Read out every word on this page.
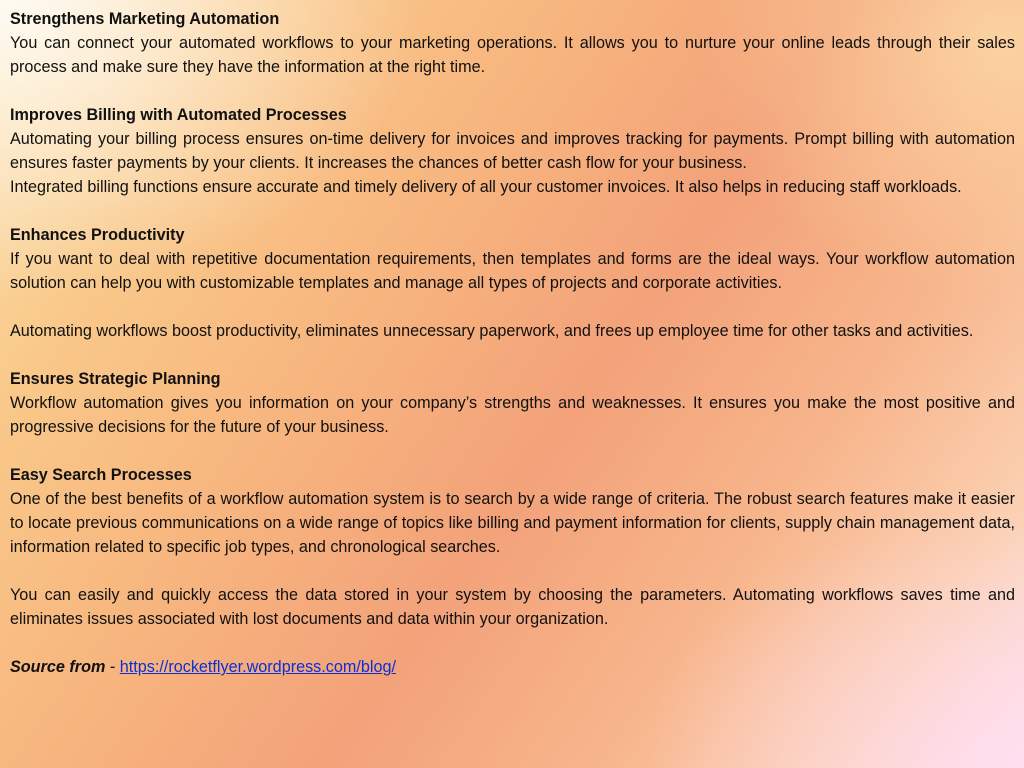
Strengthens Marketing Automation

You can connect your automated workflows to your marketing operations. It allows you to nurture your online leads through their sales process and make sure they have the information at the right time.

Improves Billing with Automated Processes

Automating your billing process ensures on-time delivery for invoices and improves tracking for payments. Prompt billing with automation ensures faster payments by your clients. It increases the chances of better cash flow for your business.

Integrated billing functions ensure accurate and timely delivery of all your customer invoices. It also helps in reducing staff workloads.

Enhances Productivity

If you want to deal with repetitive documentation requirements, then templates and forms are the ideal ways. Your workflow automation solution can help you with customizable templates and manage all types of projects and corporate activities.

Automating workflows boost productivity, eliminates unnecessary paperwork, and frees up employee time for other tasks and activities.

Ensures Strategic Planning

Workflow automation gives you information on your company’s strengths and weaknesses. It ensures you make the most positive and progressive decisions for the future of your business.

Easy Search Processes

One of the best benefits of a workflow automation system is to search by a wide range of criteria. The robust search features make it easier to locate previous communications on a wide range of topics like billing and payment information for clients, supply chain management data, information related to specific job types, and chronological searches.

You can easily and quickly access the data stored in your system by choosing the parameters. Automating workflows saves time and eliminates issues associated with lost documents and data within your organization.

Source from - https://rocketflyer.wordpress.com/blog/
